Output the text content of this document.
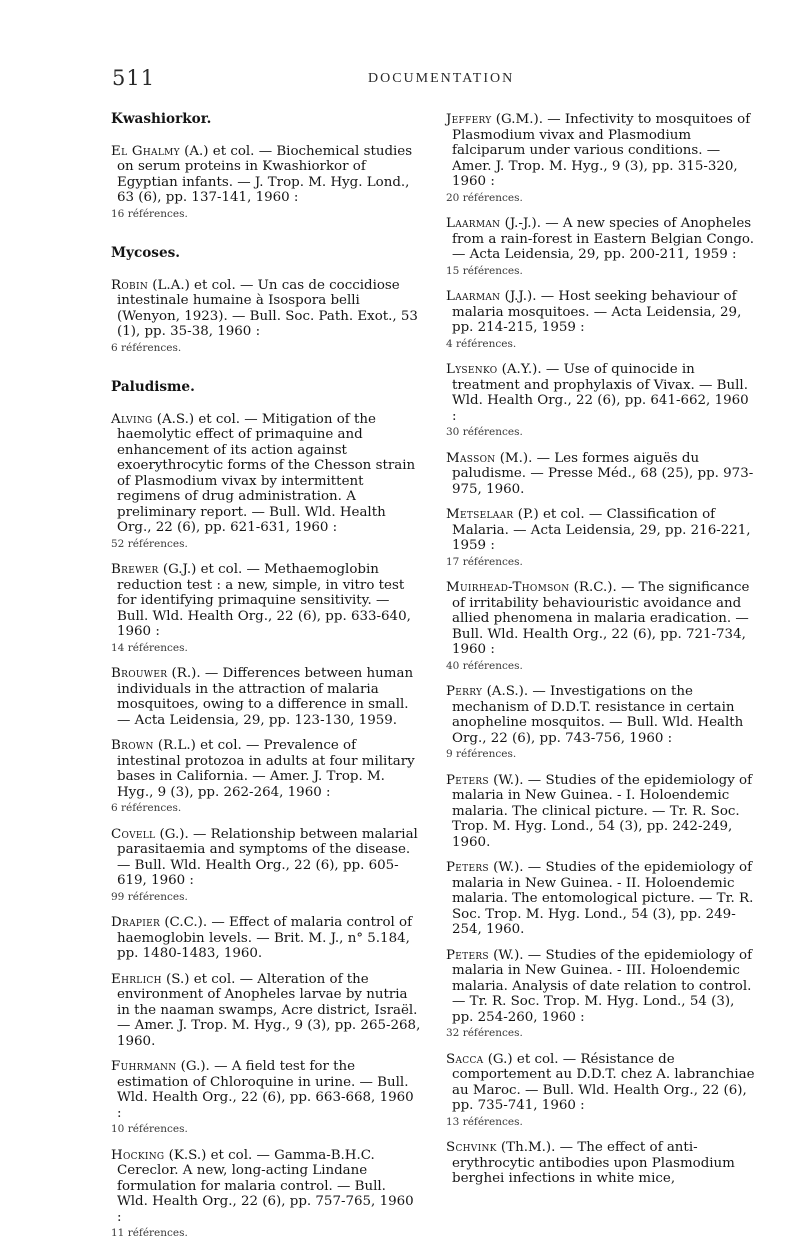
511	DOCUMENTATION
Kwashiorkor.
El Ghalmy (A.) et col. — Biochemical studies on serum proteins in Kwashiorkor of Egyptian infants. — J. Trop. M. Hyg. Lond., 63 (6), pp. 137-141, 1960 :
16 références.
Mycoses.
Robin (L.A.) et col. — Un cas de coccidiose intestinale humaine à Isospora belli (Wenyon, 1923). — Bull. Soc. Path. Exot., 53 (1), pp. 35-38, 1960 :
6 références.
Paludisme.
Alving (A.S.) et col. — Mitigation of the haemolytic effect of primaquine and enhancement of its action against exoerythrocytic forms of the Chesson strain of Plasmodium vivax by intermittent regimens of drug administration. A preliminary report. — Bull. Wld. Health Org., 22 (6), pp. 621-631, 1960 :
52 références.
Brewer (G.J.) et col. — Methaemoglobin reduction test : a new, simple, in vitro test for identifying primaquine sensitivity. — Bull. Wld. Health Org., 22 (6), pp. 633-640, 1960 :
14 références.
Brouwer (R.). — Differences between human individuals in the attraction of malaria mosquitoes, owing to a difference in small. — Acta Leidensia, 29, pp. 123-130, 1959.
Brown (R.L.) et col. — Prevalence of intestinal protozoa in adults at four military bases in California. — Amer. J. Trop. M. Hyg., 9 (3), pp. 262-264, 1960 :
6 références.
Covell (G.). — Relationship between malarial parasitaemia and symptoms of the disease. — Bull. Wld. Health Org., 22 (6), pp. 605-619, 1960 :
99 références.
Drapier (C.C.). — Effect of malaria control of haemoglobin levels. — Brit. M. J., n° 5.184, pp. 1480-1483, 1960.
Ehrlich (S.) et col. — Alteration of the environment of Anopheles larvae by nutria in the naaman swamps, Acre district, Israël. — Amer. J. Trop. M. Hyg., 9 (3), pp. 265-268, 1960.
Fuhrmann (G.). — A field test for the estimation of Chloroquine in urine. — Bull. Wld. Health Org., 22 (6), pp. 663-668, 1960 :
10 références.
Hocking (K.S.) et col. — Gamma-B.H.C. Cereclor. A new, long-acting Lindane formulation for malaria control. — Bull. Wld. Health Org., 22 (6), pp. 757-765, 1960 :
11 références.
Jeffery (G.M.). — Infectivity to mosquitoes of Plasmodium vivax and Plasmodium falciparum under various conditions. — Amer. J. Trop. M. Hyg., 9 (3), pp. 315-320, 1960 :
20 références.
Laarman (J.-J.). — A new species of Anopheles from a rain-forest in Eastern Belgian Congo. — Acta Leidensia, 29, pp. 200-211, 1959 :
15 références.
Laarman (J.J.). — Host seeking behaviour of malaria mosquitoes. — Acta Leidensia, 29, pp. 214-215, 1959 :
4 références.
Lysenko (A.Y.). — Use of quinocide in treatment and prophylaxis of Vivax. — Bull. Wld. Health Org., 22 (6), pp. 641-662, 1960 :
30 références.
Masson (M.). — Les formes aiguës du paludisme. — Presse Méd., 68 (25), pp. 973-975, 1960.
Metselaar (P.) et col. — Classification of Malaria. — Acta Leidensia, 29, pp. 216-221, 1959 :
17 références.
Muirhead-Thomson (R.C.). — The significance of irritability behaviouristic avoidance and allied phenomena in malaria eradication. — Bull. Wld. Health Org., 22 (6), pp. 721-734, 1960 :
40 références.
Perry (A.S.). — Investigations on the mechanism of D.D.T. resistance in certain anopheline mosquitos. — Bull. Wld. Health Org., 22 (6), pp. 743-756, 1960 :
9 références.
Peters (W.). — Studies of the epidemiology of malaria in New Guinea. - I. Holoendemic malaria. The clinical picture. — Tr. R. Soc. Trop. M. Hyg. Lond., 54 (3), pp. 242-249, 1960.
Peters (W.). — Studies of the epidemiology of malaria in New Guinea. - II. Holoendemic malaria. The entomological picture. — Tr. R. Soc. Trop. M. Hyg. Lond., 54 (3), pp. 249-254, 1960.
Peters (W.). — Studies of the epidemiology of malaria in New Guinea. - III. Holoendemic malaria. Analysis of date relation to control. — Tr. R. Soc. Trop. M. Hyg. Lond., 54 (3), pp. 254-260, 1960 :
32 références.
Sacca (G.) et col. — Résistance de comportement au D.D.T. chez A. labranchiae au Maroc. — Bull. Wld. Health Org., 22 (6), pp. 735-741, 1960 :
13 références.
Schvink (Th.M.). — The effect of anti-erythrocytic antibodies upon Plasmodium berghei infections in white mice,
